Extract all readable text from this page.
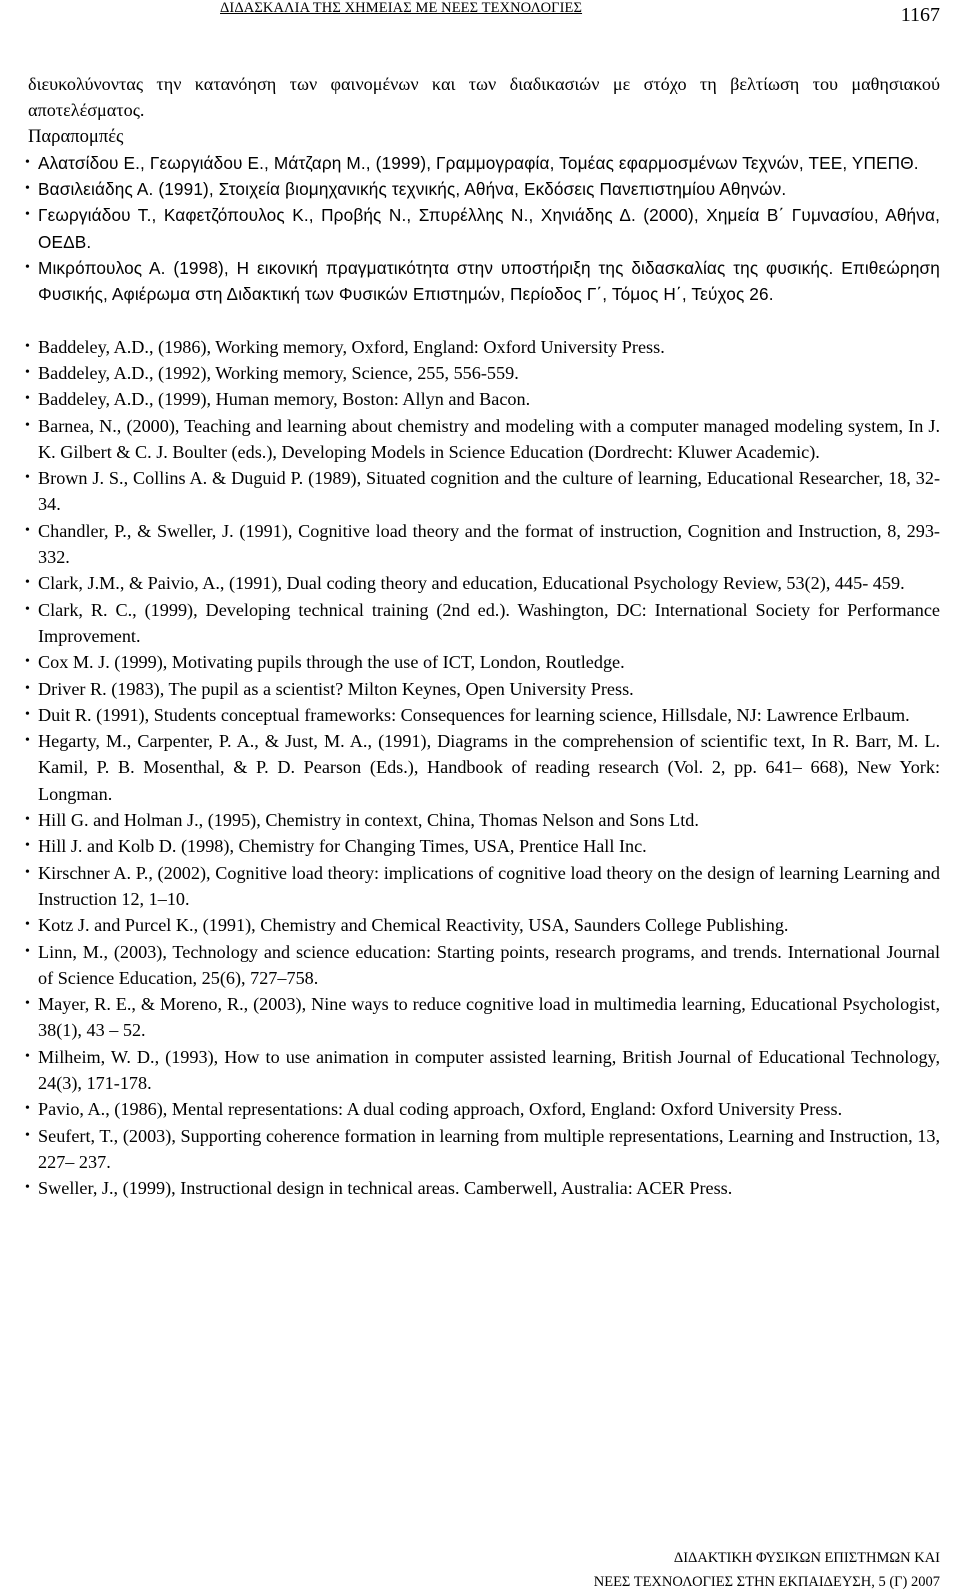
ΔΙΔΑΣΚΑΛΙΑ ΤΗΣ ΧΗΜΕΙΑΣ ΜΕ ΝΕΕΣ ΤΕΧΝΟΛΟΓΙΕΣ	1167

διευκολύνοντας την κατανόηση των φαινομένων και των διαδικασιών με στόχο τη βελτίωση του μαθησιακού αποτελέσματος.

Παραπομπές

• Αλατσίδου Ε., Γεωργιάδου Ε., Μάτζαρη Μ., (1999), Γραμμογραφία, Τομέας εφαρμοσμένων Τεχνών, ΤΕΕ, ΥΠΕΠΘ.
• Βασιλειάδης Α. (1991), Στοιχεία βιομηχανικής τεχνικής, Αθήνα, Εκδόσεις Πανεπιστημίου Αθηνών.
• Γεωργιάδου Τ., Καφετζόπουλος Κ., Προβής Ν., Σπυρέλλης Ν., Χηνιάδης Δ. (2000), Χημεία Β΄ Γυμνασίου, Αθήνα, ΟΕΔΒ.
• Μικρόπουλος Α. (1998), Η εικονική πραγματικότητα στην υποστήριξη της διδασκαλίας της φυσικής. Επιθεώρηση Φυσικής, Αφιέρωμα στη Διδακτική των Φυσικών Επιστημών, Περίοδος Γ΄, Τόμος Η΄, Τεύχος 26.
• Baddeley, A.D., (1986), Working memory, Oxford, England: Oxford University Press.
• Baddeley, A.D., (1992), Working memory, Science, 255, 556-559.
• Baddeley, A.D., (1999), Human memory, Boston: Allyn and Bacon.
• Barnea, N., (2000), Teaching and learning about chemistry and modeling with a computer managed modeling system, In J. K. Gilbert & C. J. Boulter (eds.), Developing Models in Science Education (Dordrecht: Kluwer Academic).
• Brown J. S., Collins A. & Duguid P. (1989), Situated cognition and the culture of learning, Educational Researcher, 18, 32-34.
• Chandler, P., & Sweller, J. (1991), Cognitive load theory and the format of instruction, Cognition and Instruction, 8, 293-332.
• Clark, J.M., & Paivio, A., (1991), Dual coding theory and education, Educational Psychology Review, 53(2), 445- 459.
• Clark, R. C., (1999), Developing technical training (2nd ed.). Washington, DC: International Society for Performance Improvement.
• Cox M. J. (1999), Motivating pupils through the use of ICT, London, Routledge.
• Driver R. (1983), The pupil as a scientist? Milton Keynes, Open University Press.
• Duit R. (1991), Students conceptual frameworks: Consequences for learning science, Hillsdale, NJ: Lawrence Erlbaum.
• Hegarty, M., Carpenter, P. A., & Just, M. A., (1991), Diagrams in the comprehension of scientific text, In R. Barr, M. L. Kamil, P. B. Mosenthal, & P. D. Pearson (Eds.), Handbook of reading research (Vol. 2, pp. 641– 668), New York: Longman.
• Hill G. and Holman J., (1995), Chemistry in context, China, Thomas Nelson and Sons Ltd.
• Hill J. and Kolb D. (1998), Chemistry for Changing Times, USA, Prentice Hall Inc.
• Kirschner A. P., (2002), Cognitive load theory: implications of cognitive load theory on the design of learning Learning and Instruction 12, 1–10.
• Kotz J. and Purcel K., (1991), Chemistry and Chemical Reactivity, USA, Saunders College Publishing.
• Linn, M., (2003), Technology and science education: Starting points, research programs, and trends. International Journal of Science Education, 25(6), 727–758.
• Mayer, R. E., & Moreno, R., (2003), Nine ways to reduce cognitive load in multimedia learning, Educational Psychologist, 38(1), 43 – 52.
• Milheim, W. D., (1993), How to use animation in computer assisted learning, British Journal of Educational Technology, 24(3), 171-178.
• Pavio, A., (1986), Mental representations: A dual coding approach, Oxford, England: Oxford University Press.
• Seufert, T., (2003), Supporting coherence formation in learning from multiple representations, Learning and Instruction, 13, 227– 237.
• Sweller, J., (1999), Instructional design in technical areas. Camberwell, Australia: ACER Press.
ΔΙΔΑΚΤΙΚΗ ΦΥΣΙΚΩΝ ΕΠΙΣΤΗΜΩΝ ΚΑΙ
ΝΕΕΣ ΤΕΧΝΟΛΟΓΙΕΣ ΣΤΗΝ ΕΚΠΑΙΔΕΥΣΗ, 5 (Γ) 2007
